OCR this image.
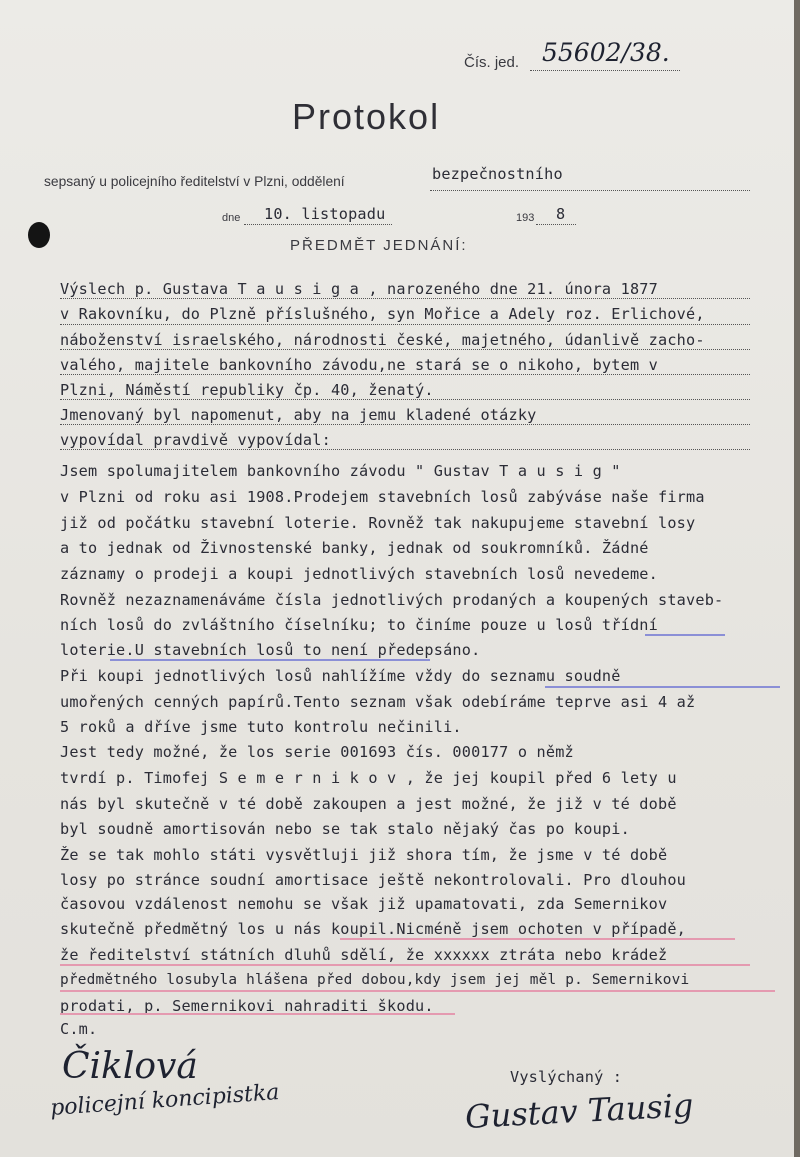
Čís. jed. 55602/38.
Protokol
sepsaný u policejního ředitelství v Plzni, oddělení	bezpečnostního
dne 10. listopadu	193 8
PŘEDMĚT JEDNÁNÍ:
Výslech p. Gustava T a u s i g a , narozeného dne 21. února 1877
v Rakovníku, do Plzně příslušného, syn Mořice a Adely roz. Erlichové,
náboženství israelského, národnosti české, majetného, údanlivě zacho-
valého, majitele bankovního závodu,ne stará se o nikoho, bytem v
Plzni, Náměstí republiky čp. 40, ženatý.
Jmenovaný byl napomenut, aby na jemu kladené otázky
vypovídal pravdivě vypovídal:
Jsem spolumajitelem bankovního závodu " Gustav T a u s i g "
v Plzni od roku asi 1908.Prodejem stavebních losů zabýváse naše firma
již od počátku stavební loterie. Rovněž tak nakupujeme stavební losy
a to jednak od Živnostenské banky, jednak od soukromníků. Žádné
záznamy o prodeji a koupi jednotlivých stavebních losů nevedeme.
Rovněž nezaznamenáváme čísla jednotlivých prodaných a koupených staveb-
ních losů do zvláštního číselníku; to činíme pouze u losů třídní
loterie.U stavebních losů to není předepsáno.
Při koupi jednotlivých losů nahlížíme vždy do seznamu soudně
umořených cenných papírů.Tento seznam však odebíráme teprve asi 4 až
5 roků a dříve jsme tuto kontrolu nečinili.
Jest tedy možné, že los serie 001693 čís. 000177 o němž
tvrdí p. Timofej S e m e r n i k o v , že jej koupil před 6 lety u
nás byl skutečně v té době zakoupen a jest možné, že již v té době
byl soudně amortisován nebo se tak stalo nějaký čas po koupi.
Že se tak mohlo státi vysvětluji již shora tím, že jsme v té době
losy po stránce soudní amortisace ještě nekontrolovali. Pro dlouhou
časovou vzdálenost nemohu se však již upamatovati, zda Semernikov
skutečně předmětný los u nás koupil.Nicméně jsem ochoten v případě,
že ředitelství státních dluhů sdělí, že xxxxxx ztráta nebo krádež
předmětného losubyla hlášena před dobou,kdy jsem jej měl p. Semernikovi
prodati, p. Semernikovi nahraditi škodu.
C.m.
Vyslýchaný :
Čiklová
policejní koncipistka	Gustav Tausig
